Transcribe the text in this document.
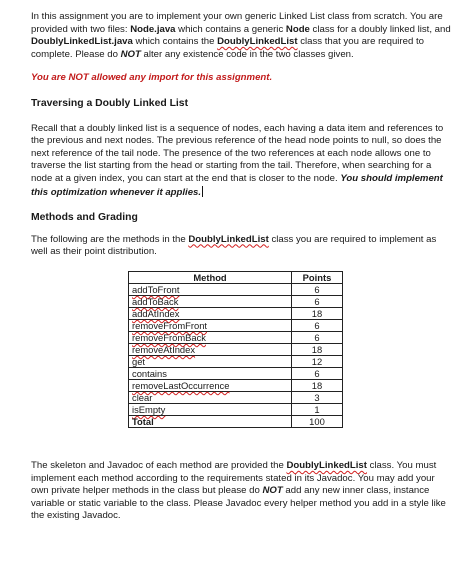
In this assignment you are to implement your own generic Linked List class from scratch. You are provided with two files: Node.java which contains a generic Node class for a doubly linked list, and DoublyLinkedList.java which contains the DoublyLinkedList class that you are required to complete. Please do NOT alter any existence code in the two classes given.

You are NOT allowed any import for this assignment.

Traversing a Doubly Linked List

Recall that a doubly linked list is a sequence of nodes, each having a data item and references to the previous and next nodes. The previous reference of the head node points to null, so does the next reference of the tail node. The presence of the two references at each node allows one to traverse the list starting from the head or starting from the tail. Therefore, when searching for a node at a given index, you can start at the end that is closer to the node. You should implement this optimization whenever it applies.

Methods and Grading

The following are the methods in the DoublyLinkedList class you are required to implement as well as their point distribution.

Method	Points
addToFront	6
addToBack	6
addAtIndex	18
removeFromFront	6
removeFromBack	6
removeAtIndex	18
get	12
contains	6
removeLastOccurrence	18
clear	3
isEmpty	1
Total	100

The skeleton and Javadoc of each method are provided the DoublyLinkedList class. You must implement each method according to the requirements stated in its Javadoc. You may add your own private helper methods in the class but please do NOT add any new inner class, instance variable or static variable to the class. Please Javadoc every helper method you add in a style like the existing Javadoc.
